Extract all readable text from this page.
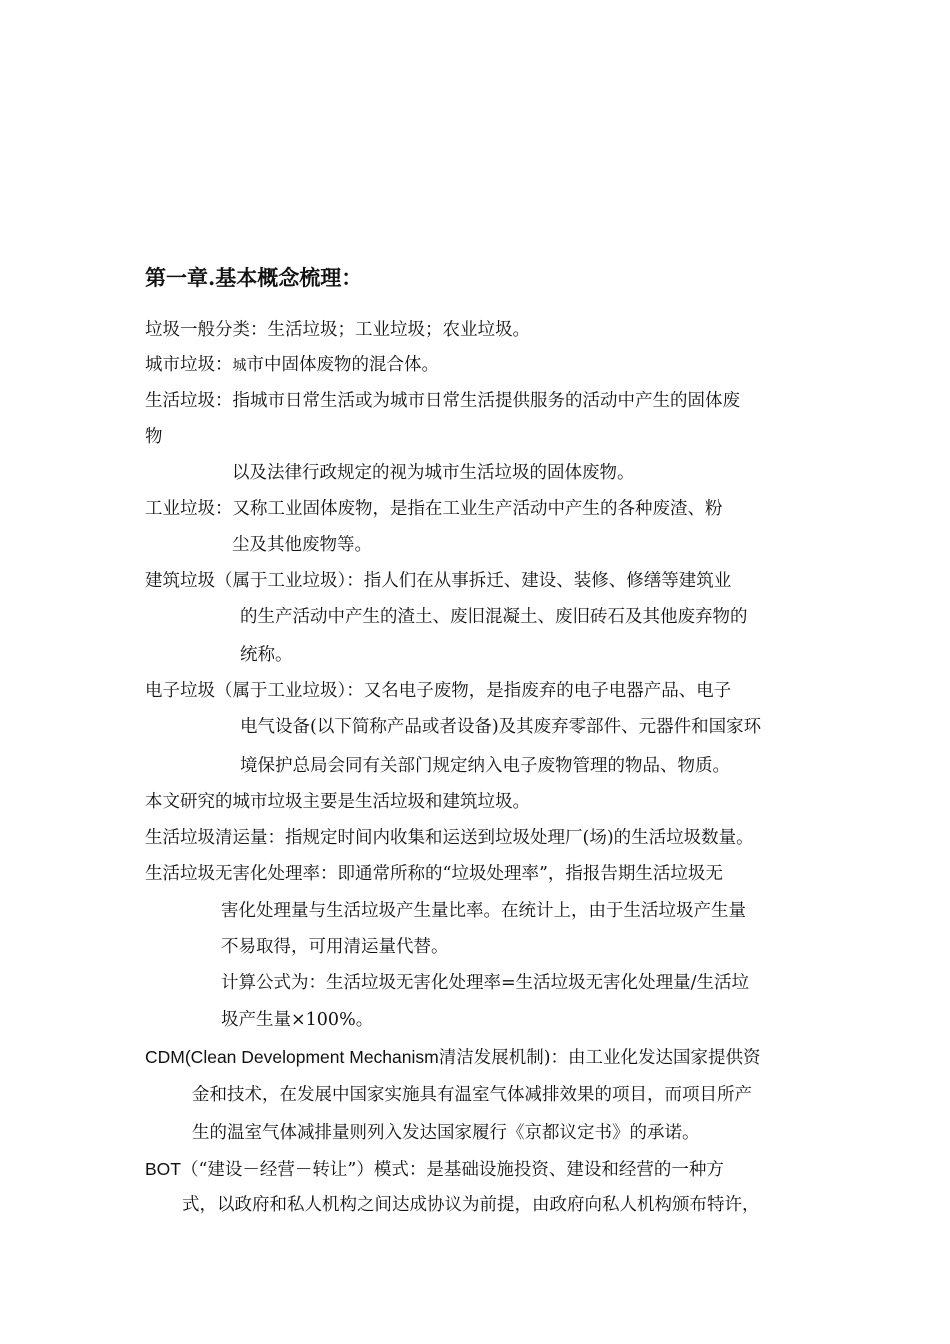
第一章.基本概念梳理：
垃圾一般分类：生活垃圾；工业垃圾；农业垃圾。
城市垃圾：城市中固体废物的混合体。
生活垃圾：指城市日常生活或为城市日常生活提供服务的活动中产生的固体废
物
以及法律行政规定的视为城市生活垃圾的固体废物。
工业垃圾：又称工业固体废物，是指在工业生产活动中产生的各种废渣、粉
尘及其他废物等。
建筑垃圾（属于工业垃圾）：指人们在从事拆迁、建设、装修、修缮等建筑业
的生产活动中产生的渣土、废旧混凝土、废旧砖石及其他废弃物的
统称。
电子垃圾（属于工业垃圾）：又名电子废物，是指废弃的电子电器产品、电子
电气设备(以下简称产品或者设备)及其废弃零部件、元器件和国家环
境保护总局会同有关部门规定纳入电子废物管理的物品、物质。
本文研究的城市垃圾主要是生活垃圾和建筑垃圾。
生活垃圾清运量：指规定时间内收集和运送到垃圾处理厂(场)的生活垃圾数量。
生活垃圾无害化处理率：即通常所称的“垃圾处理率”，指报告期生活垃圾无
害化处理量与生活垃圾产生量比率。在统计上，由于生活垃圾产生量
不易取得，可用清运量代替。
计算公式为：生活垃圾无害化处理率=生活垃圾无害化处理量/生活垃
圾产生量×100%。
CDM(Clean Development Mechanism清洁发展机制)：由工业化发达国家提供资
金和技术，在发展中国家实施具有温室气体减排效果的项目，而项目所产
生的温室气体减排量则列入发达国家履行《京都议定书》的承诺。
BOT（“建设－经营－转让”）模式：是基础设施投资、建设和经营的一种方
式，以政府和私人机构之间达成协议为前提，由政府向私人机构颁布特许，
